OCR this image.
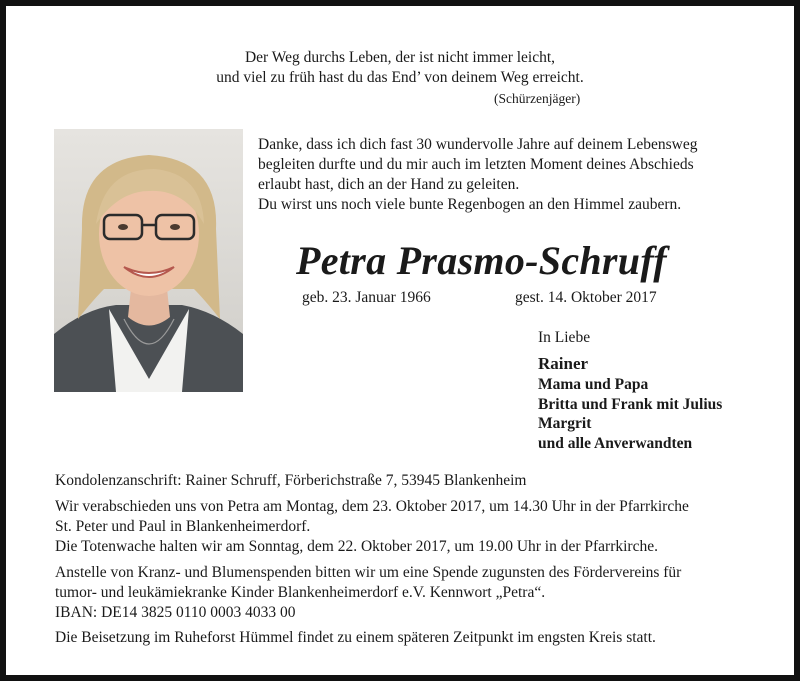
Der Weg durchs Leben, der ist nicht immer leicht,
und viel zu früh hast du das End’ von deinem Weg erreicht.
(Schürzenjäger)
Danke, dass ich dich fast 30 wundervolle Jahre auf deinem Lebensweg
begleiten durfte und du mir auch im letzten Moment deines Abschieds
erlaubt hast, dich an der Hand zu geleiten.
Du wirst uns noch viele bunte Regenbogen an den Himmel zaubern.
Petra Prasmo-Schruff
geb. 23. Januar 1966	gest. 14. Oktober 2017
In Liebe
Rainer
Mama und Papa
Britta und Frank mit Julius
Margrit
und alle Anverwandten
Kondolenzanschrift: Rainer Schruff, Förberichstraße 7, 53945 Blankenheim
Wir verabschieden uns von Petra am Montag, dem 23. Oktober 2017, um 14.30 Uhr in der Pfarrkirche
St. Peter und Paul in Blankenheimerdorf.
Die Totenwache halten wir am Sonntag, dem 22. Oktober 2017, um 19.00 Uhr in der Pfarrkirche.
Anstelle von Kranz- und Blumenspenden bitten wir um eine Spende zugunsten des Fördervereins für
tumor- und leukämiekranke Kinder Blankenheimerdorf e.V. Kennwort „Petra“.
IBAN: DE14 3825 0110 0003 4033 00
Die Beisetzung im Ruheforst Hümmel findet zu einem späteren Zeitpunkt im engsten Kreis statt.
